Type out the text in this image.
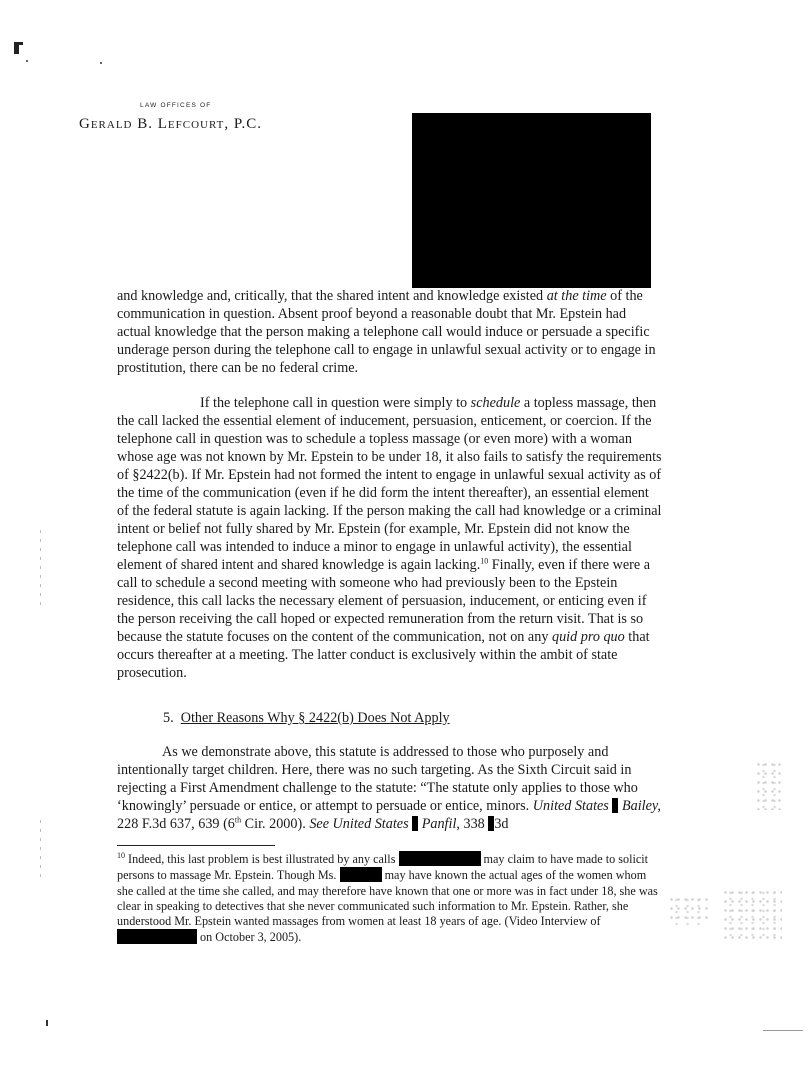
LAW OFFICES OF
Gerald B. Lefcourt, P.C.

and knowledge and, critically, that the shared intent and knowledge existed at the time of the communication in question. Absent proof beyond a reasonable doubt that Mr. Epstein had actual knowledge that the person making a telephone call would induce or persuade a specific underage person during the telephone call to engage in unlawful sexual activity or to engage in prostitution, there can be no federal crime.

If the telephone call in question were simply to schedule a topless massage, then the call lacked the essential element of inducement, persuasion, enticement, or coercion. If the telephone call in question was to schedule a topless massage (or even more) with a woman whose age was not known by Mr. Epstein to be under 18, it also fails to satisfy the requirements of §2422(b). If Mr. Epstein had not formed the intent to engage in unlawful sexual activity as of the time of the communication (even if he did form the intent thereafter), an essential element of the federal statute is again lacking. If the person making the call had knowledge or a criminal intent or belief not fully shared by Mr. Epstein (for example, Mr. Epstein did not know the telephone call was intended to induce a minor to engage in unlawful activity), the essential element of shared intent and shared knowledge is again lacking.$^{10}$ Finally, even if there were a call to schedule a second meeting with someone who had previously been to the Epstein residence, this call lacks the necessary element of persuasion, inducement, or enticing even if the person receiving the call hoped or expected remuneration from the return visit. That is so because the statute focuses on the content of the communication, not on any quid pro quo that occurs thereafter at a meeting. The latter conduct is exclusively within the ambit of state prosecution.

5. Other Reasons Why § 2422(b) Does Not Apply

As we demonstrate above, this statute is addressed to those who purposely and intentionally target children. Here, there was no such targeting. As the Sixth Circuit said in rejecting a First Amendment challenge to the statute: “The statute only applies to those who ‘knowingly’ persuade or entice, or attempt to persuade or entice, minors. United States Bailey, 228 F.3d 637, 639 (6th Cir. 2000). See United States Panfil, 338 3d

$^{10}$ Indeed, this last problem is best illustrated by any calls	may claim to have made to solicit persons to massage Mr. Epstein. Though Ms.	may have known the actual ages of the women whom she called at the time she called, and may therefore have known that one or more was in fact under 18, she was clear in speaking to detectives that she never communicated such information to Mr. Epstein. Rather, she understood Mr. Epstein wanted massages from women at least 18 years of age. (Video Interview of  on October 3, 2005).
